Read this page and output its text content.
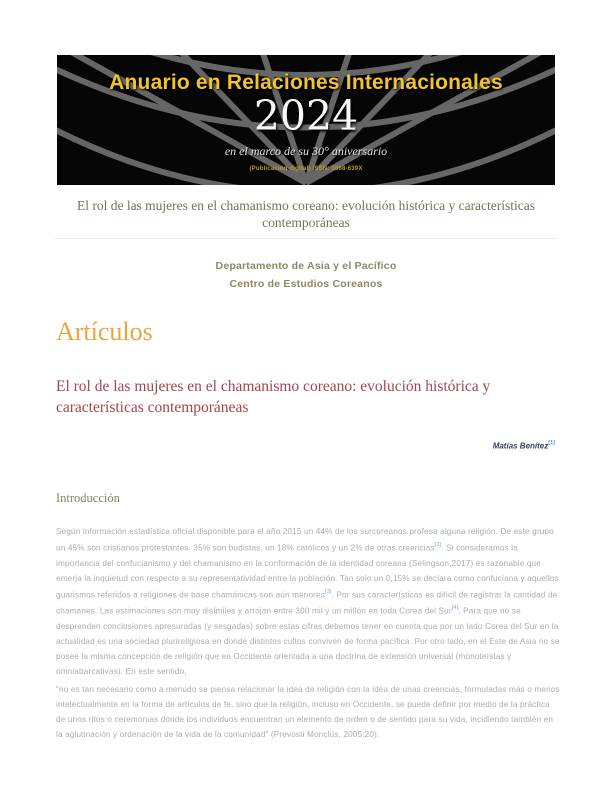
Anuario en Relaciones Internacionales
2024
en el marco de su 30° aniversario
(Publicación digital) ISSN: 1668-639X
El rol de las mujeres en el chamanismo coreano: evolución histórica y características contemporáneas
Departamento de Asia y el Pacífico
Centro de Estudios Coreanos
Artículos
El rol de las mujeres en el chamanismo coreano: evolución histórica y características contemporáneas
Matías Benítez[1]
Introducción
Según información estadística oficial disponible para el año 2015 un 44% de los surcoreanos profesa alguna religión. De este grupo un 45% son cristianos protestantes. 35% son budistas, un 18% católicos y un 2% de otras creencias[2]. Si consideramos la importancia del confucianismo y del chamanismo en la conformación de la identidad coreana (Selingson,2017) es razonable que emerja la inquietud con respecto a su representatividad entre la población. Tan solo un 0,15% se declara como confuciana y aquellos guarismos referidos a religiones de base chamánicas son aún menores[3]. Por sus características es difícil de registrar la cantidad de chamanes. Las estimaciones son muy disímiles y arrojan entre 300 mil y un millón en toda Corea del Sur[4]. Para que no se desprenden conclusiones apresuradas (y sesgadas) sobre estas cifras debemos tener en cuenta que por un lado Corea del Sur en la actualidad es una sociedad plurireligiosa en donde distintos cultos conviven de forma pacífica. Por otro lado, en el Este de Asia no se posee la misma concepción de religión que en Occidente orientada a una doctrina de extensión universal (monoteístas y omniabarcativas). En este sentido,
"no es tan necesario como a menudo se piensa relacionar la idea de religión con la idea de unas creencias, formuladas más o menos intelectualmente en la forma de artículos de fe, sino que la religión, incluso en Occidente, se puede definir por medio de la práctica de unos ritos o ceremonias donde los individuos encuentran un elemento de orden o de sentido para su vida, incidiendo también en la aglutinación y ordenación de la vida de la comunidad" (Prevosti Monclús, 2005:20).
